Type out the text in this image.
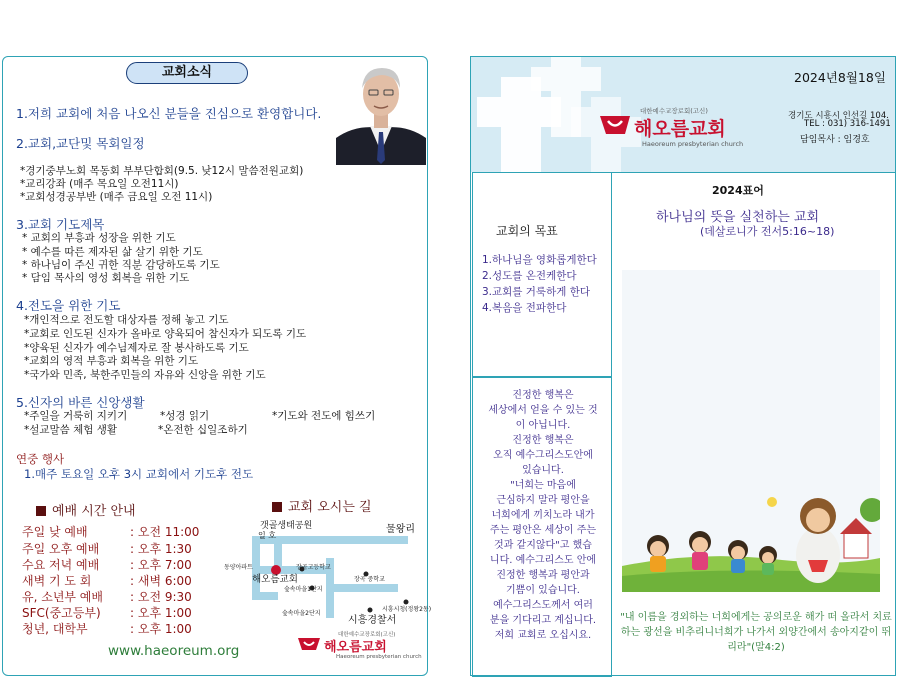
교회소식
1.저희 교회에 처음 나오신 분들을 진심으로 환영합니다.
2.교회,교단및 목회일정
*경기중부노회 목동회 부부단합회(9.5. 낮12시 말씀전원교회)
*교리강좌 (매주 목요일 오전11시)
*교회성경공부반 (매주 금요일 오전 11시)
3.교회 기도제목
* 교회의 부흥과 성장을 위한 기도
* 예수를 따른 제자된 삶 살기 위한 기도
* 하나님이 주신 귀한 직분 감당하도록 기도
* 담임 목사의 영성 회복을 위한 기도
4.전도을 위한 기도
*개인적으로 전도할 대상자를 정해 놓고 기도
*교회로 인도된 신자가 올바로 양육되어 참신자가 되도록 기도
*양육된 신자가 예수님제자로 잘 봉사하도록 기도
*교회의 영적 부흥과 회복을 위한 기도
*국가와 민족, 북한주민들의 자유와 신앙을 위한 기도
5.신자의 바른 신앙생활
*주일을 거룩히 지키기	*성경 읽기	*기도와 전도에 힘쓰기
*설교말씀 체험 생활	*온전한 십일조하기
연중 행사
1.매주 토요일 오후 3시 교회에서 기도후 전도
예배 시간 안내
주일 낮 예배	: 오전 11:00
주일 오후 예배	: 오후 1:30
수요 저녁 예배	: 오후 7:00
새벽 기 도 회	: 새벽 6:00
유, 소년부 예배 : 오전 9:30
SFC(중고등부) : 오후 1:00
청년, 대학부	: 오후 1:00
교회 오시는 길
갯골생태공원	물왕리
일 호
동양아파트	장곡고등학교
해오름교회	장곡 중학교
숲속마을1단지
시흥시청(정왕2동)
숲속마을2단지
시흥경찰서
www.haeoreum.org
대한예수교장로회(고신)
해오름교회
Haeoreum presbyterian church
2024년8월18일
대한예수교장로회(고신)
해오름교회
Haeoreum presbyterian church
경기도 시흥시 인선길 104.
TEL : 031) 316-1491
담임목사 : 임경호
교회의 목표
1.하나님을 영화롭게한다
2.성도를 온전케한다
3.교회를 거룩하게 한다
4.복음을 전파한다
진정한 행복은
세상에서 얻을 수 있는 것
이 아닙니다.
진정한 행복은
오직 예수그리스도안에
있습니다.
"너희는 마음에
근심하지 말라 평안을
너희에게 끼치노라 내가
주는 평안은 세상이 주는
것과 같지않다"고 했습
니다. 예수그리스도 안에
진정한 행복과 평안과
기쁨이 있습니다.
예수그리스도께서 여러
분을 기다리고 계십니다.
저희 교회로 오십시요.
2024표어
하나님의 뜻을 실천하는 교회
(데살로니가 전서5:16~18)
"내 이름을 경외하는 너희에게는 공의로운 해가 떠 올라서 치료하는 광선을 비추리니너희가 나가서 외양간에서 송아지같이 뛰리라"(말4:2)
